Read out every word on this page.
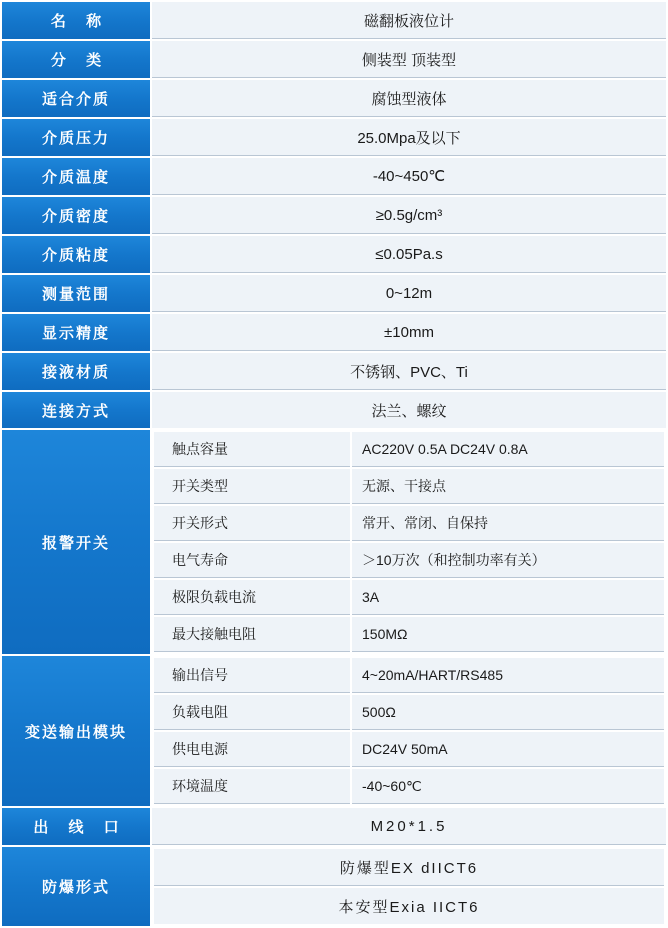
名 称	磁翻板液位计
分 类	侧装型 顶装型
适合介质	腐蚀型液体
介质压力	25.0Mpa及以下
介质温度	-40~450℃
介质密度	≥0.5g/cm³
介质粘度	≤0.05Pa.s
测量范围	0~12m
显示精度	±10mm
接液材质	不锈钢、PVC、Ti
连接方式	法兰、螺纹
报警开关	
触点容量	AC220V 0.5A DC24V 0.8A
开关类型	无源、干接点
开关形式	常开、常闭、自保持
电气寿命	＞10万次（和控制功率有关）
极限负载电流	3A
最大接触电阻	150MΩ

变送输出模块	
输出信号	4~20mA/HART/RS485
负载电阻	500Ω
供电电源	DC24V 50mA
环境温度	-40~60℃

出 线 口	M20*1.5
防爆形式	
防爆型EX dIICT6
本安型Exia IICT6
